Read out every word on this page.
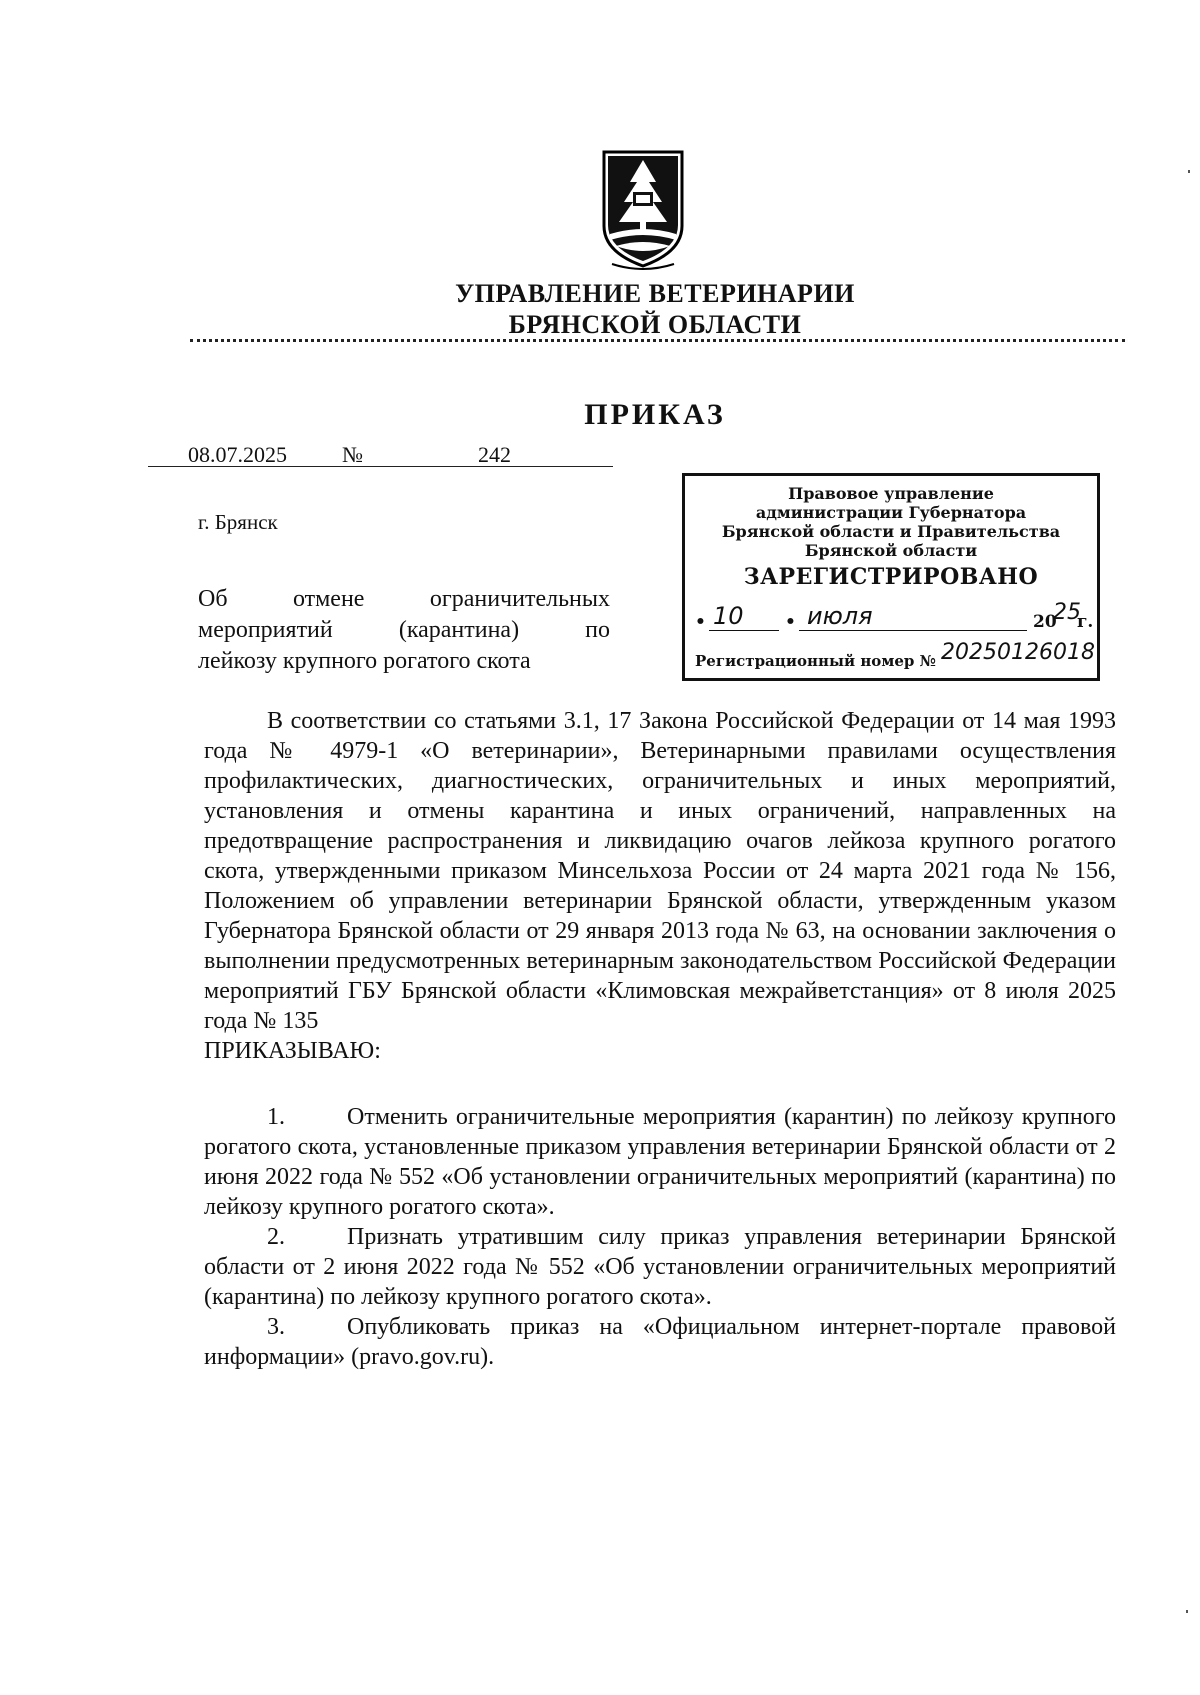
УПРАВЛЕНИЕ ВЕТЕРИНАРИИ
БРЯНСКОЙ ОБЛАСТИ
ПРИКАЗ
08.07.2025	№	242
г. Брянск
Об отмене ограничительных
мероприятий (карантина) по
лейкозу крупного рогатого скота
Правовое управление
администрации Губернатора
Брянской области и Правительства
Брянской области
ЗАРЕГИСТРИРОВАНО
• 10 • июля	20
25
г.
Регистрационный номер № 20250126018
В соответствии со статьями 3.1, 17 Закона Российской Федерации от 14 мая 1993 года № 4979-1 «О ветеринарии», Ветеринарными правилами осуществления профилактических, диагностических, ограничительных и иных мероприятий, установления и отмены карантина и иных ограничений, направленных на предотвращение распространения и ликвидацию очагов лейкоза крупного рогатого скота, утвержденными приказом Минсельхоза России от 24 марта 2021 года № 156, Положением об управлении ветеринарии Брянской области, утвержденным указом Губернатора Брянской области от 29 января 2013 года № 63, на основании заключения о выполнении предусмотренных ветеринарным законодательством Российской Федерации мероприятий ГБУ Брянской области «Климовская межрайветстанция» от 8 июля 2025 года № 135
ПРИКАЗЫВАЮ:
1.	Отменить ограничительные мероприятия (карантин) по лейкозу крупного рогатого скота, установленные приказом управления ветеринарии Брянской области от 2 июня 2022 года № 552 «Об установлении ограничительных мероприятий (карантина) по лейкозу крупного рогатого скота».
2.	Признать утратившим силу приказ управления ветеринарии Брянской области от 2 июня 2022 года № 552 «Об установлении ограничительных мероприятий (карантина) по лейкозу крупного рогатого скота».
3.	Опубликовать приказ на «Официальном интернет-портале правовой информации» (pravo.gov.ru).
